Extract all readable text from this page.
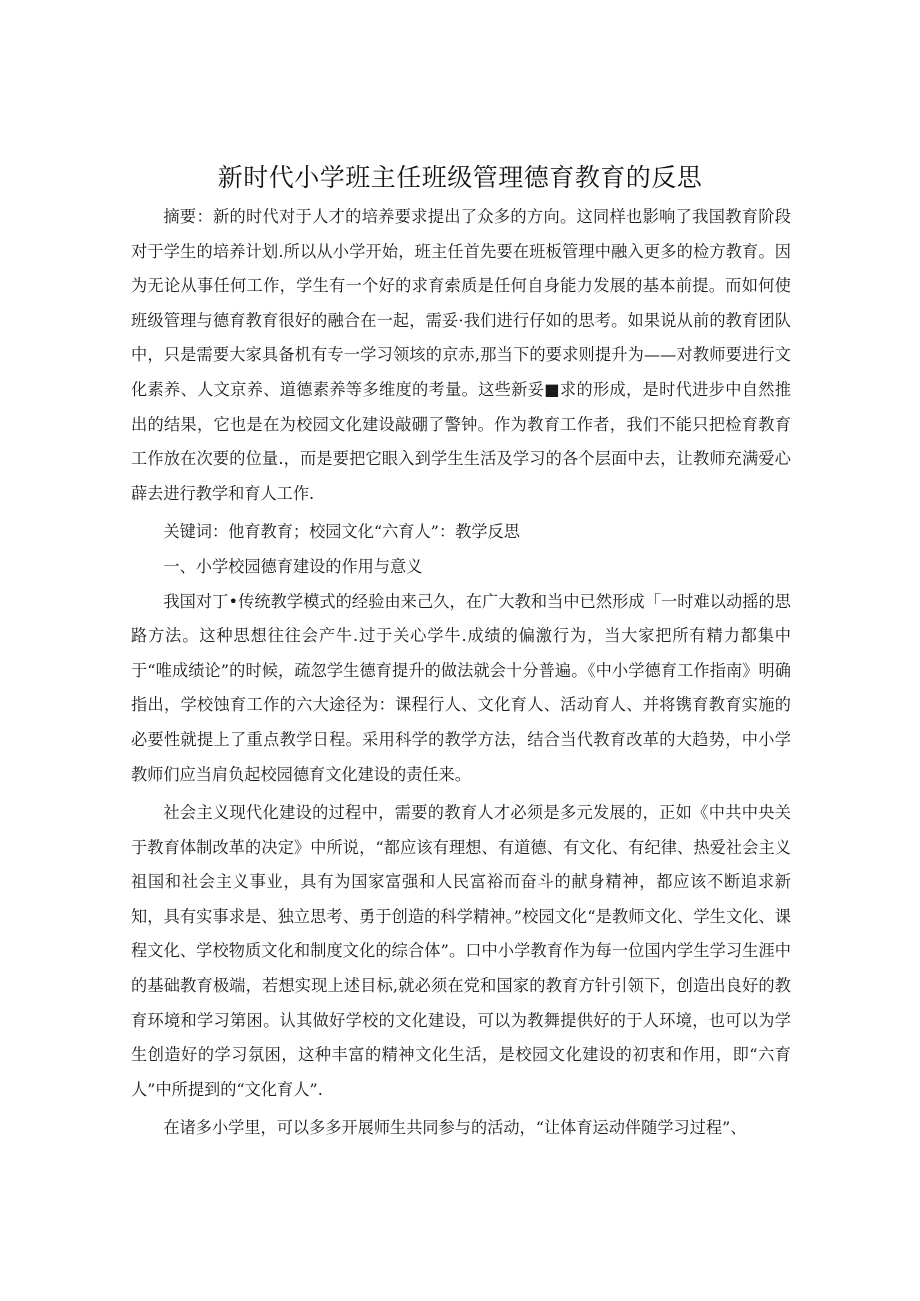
新时代小学班主任班级管理德育教育的反思

摘要：新的时代对于人才的培养要求提出了众多的方向。这同样也影响了我国教育阶段对于学生的培养计划.所以从小学开始，班主任首先要在班板管理中融入更多的检方教育。因为无论从事任何工作，学生有一个好的求育索质是任何自身能力发展的基本前提。而如何使班级管理与德育教育很好的融合在一起，需妥·我们进行仔如的思考。如果说从前的教育团队中，只是需要大家具备机有专一学习领垓的京赤,那当下的要求则提升为——对教师要进行文化素养、人文京养、道德素养等多维度的考量。这些新妥■求的形成，是时代进步中自然推出的结果，它也是在为校园文化建设敲硼了警钟。作为教育工作者，我们不能只把检育教育工作放在次要的位量.，而是要把它眼入到学生生活及学习的各个层面中去，让教师充满爱心薜去进行教学和育人工作.

关键词：他育教育；校园文化“六育人”：教学反思

一、小学校园德育建设的作用与意义

我国对丁•传统教学模式的经验由来己久，在广大教和当中已然形成「一时难以动摇的思路方法。这种思想往往会产牛.过于关心学牛.成绩的偏激行为，当大家把所有精力都集中于“唯成绩论”的时候，疏忽学生德育提升的做法就会十分普遍。《中小学德育工作指南》明确指出，学校蚀育工作的六大途径为：课程行人、文化育人、活动育人、并将镌育教育实施的必要性就提上了重点教学日程。采用科学的教学方法，结合当代教育改革的大趋势，中小学教师们应当肩负起校园德育文化建设的责任来。

社会主义现代化建设的过程中，需要的教育人才必须是多元发展的，正如《中共中央关于教育体制改革的决定》中所说，“都应该有理想、有道德、有文化、有纪律、热爱社会主义祖国和社会主义事业，具有为国家富强和人民富裕而奋斗的献身精神，都应该不断追求新知，具有实事求是、独立思考、勇于创造的科学精神。”校园文化“是教师文化、学生文化、课程文化、学校物质文化和制度文化的综合体”。口中小学教育作为每一位国内学生学习生涯中的基础教育极端，若想实现上述目标,就必须在党和国家的教育方针引领下，创造出良好的教育环境和学习第困。认其做好学校的文化建设，可以为教舞提供好的于人环境，也可以为学生创造好的学习氛困，这种丰富的精神文化生活，是校园文化建设的初衷和作用，即“六育人”中所提到的“文化育人”.

在诸多小学里，可以多多开展师生共同参与的活动，“让体育运动伴随学习过程”、
